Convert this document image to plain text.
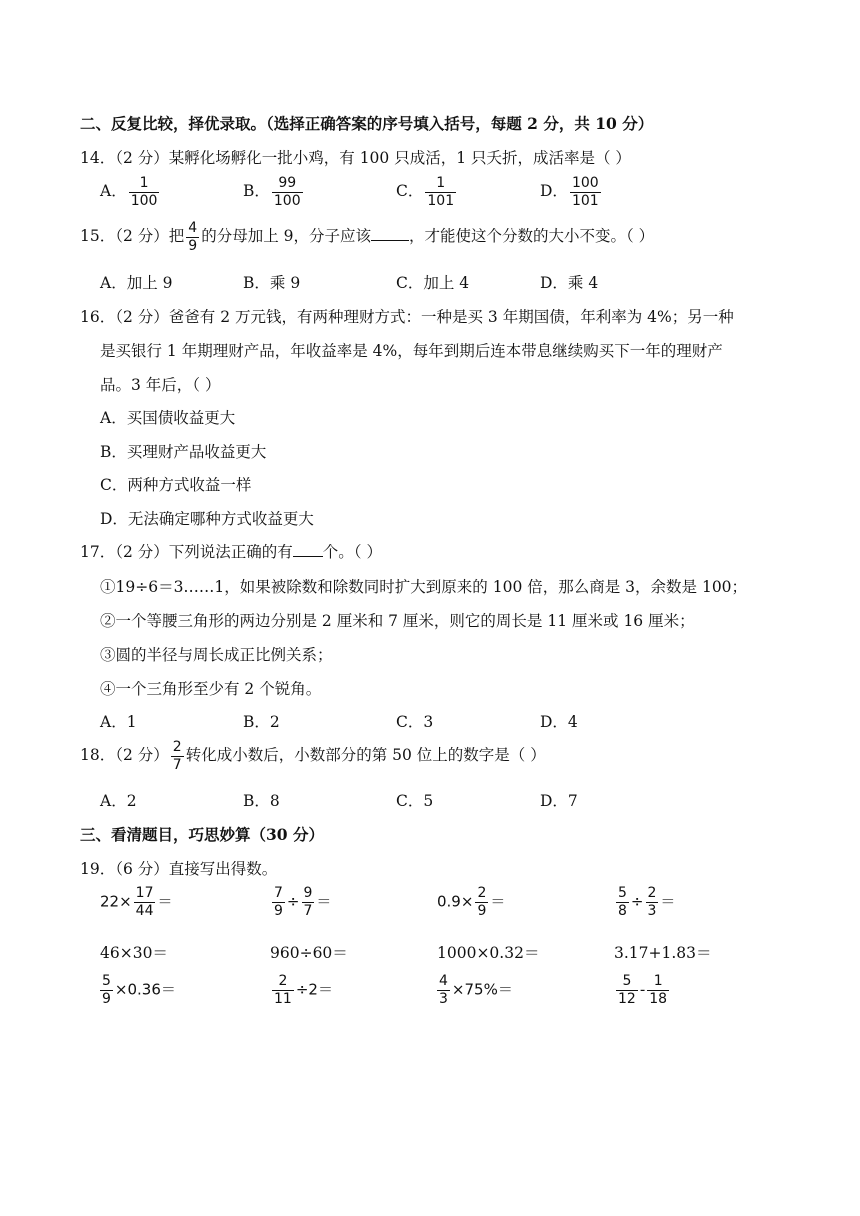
二、反复比较，择优录取。（选择正确答案的序号填入括号，每题 2 分，共 10 分）
14．（2 分）某孵化场孵化一批小鸡，有 100 只成活，1 只夭折，成活率是（ ）
A． $\frac{1}{100}$	B． $\frac{99}{100}$	C． $\frac{1}{101}$	D． $\frac{100}{101}$
15．（2 分）把 $\frac{4}{9}$ 的分母加上 9，分子应该 ，才能使这个分数的大小不变。（ ）
A．加上 9	B．乘 9	C．加上 4	D．乘 4
16．（2 分）爸爸有 2 万元钱，有两种理财方式：一种是买 3 年期国债，年利率为 4%；另一种
是买银行 1 年期理财产品，年收益率是 4%，每年到期后连本带息继续购买下一年的理财产
品。3 年后，（ ）
A．买国债收益更大
B．买理财产品收益更大
C．两种方式收益一样
D．无法确定哪种方式收益更大
17．（2 分）下列说法正确的有 个。（ ）
①19÷6＝3……1，如果被除数和除数同时扩大到原来的 100 倍，那么商是 3，余数是 100；
②一个等腰三角形的两边分别是 2 厘米和 7 厘米，则它的周长是 11 厘米或 16 厘米；
③圆的半径与周长成正比例关系；
④一个三角形至少有 2 个锐角。
A．1	B．2	C．3	D．4
18．（2 分） $\frac{2}{7}$ 转化成小数后，小数部分的第 50 位上的数字是（ ）
A．2	B．8	C．5	D．7
三、看清题目，巧思妙算（30 分）
19．（6 分）直接写出得数。
$22\times \frac{17}{44}$ ＝	$\frac{7}{9} \div \frac{9}{7}$ ＝	$0.9\times \frac{2}{9}$ ＝	$\frac{5}{8} \div \frac{2}{3}$ ＝
46×30＝	960÷60＝	1000×0.32＝	3.17+1.83＝
$\frac{5}{9} \times 0.36=$	$\frac{2}{11} \div 2=$	$\frac{4}{3} \times 75\%=$	$\frac{5}{12} - \frac{1}{18}$
